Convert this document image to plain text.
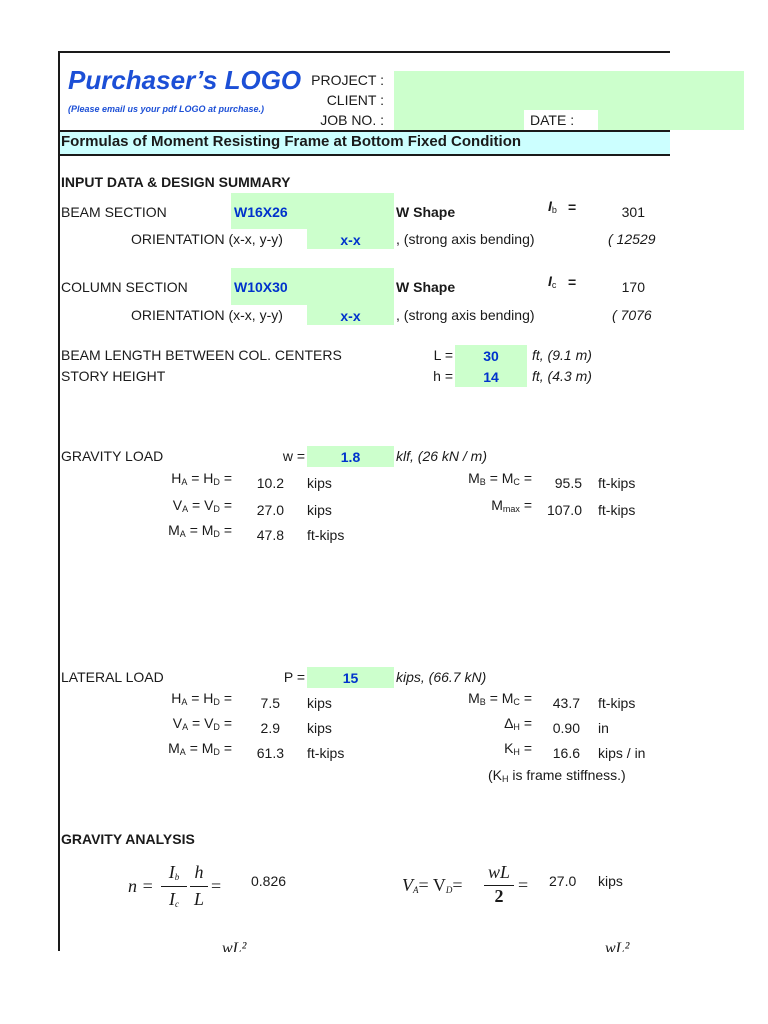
Purchaser’s LOGO
(Please email us your pdf LOGO at purchase.)
PROJECT :
CLIENT :
JOB NO. :	DATE :
Formulas of Moment Resisting Frame at Bottom Fixed Condition
INPUT DATA & DESIGN SUMMARY
BEAM SECTION	W16X26	W Shape	$I_b$ =	301
ORIENTATION (x-x, y-y)	x-x	, (strong axis bending)	( 12529
COLUMN SECTION	W10X30	W Shape	$I_c$ =	170
ORIENTATION (x-x, y-y)	x-x	, (strong axis bending)	( 7076
BEAM LENGTH BETWEEN COL. CENTERS	L =	30	ft, (9.1 m)
STORY HEIGHT	h =	14	ft, (4.3 m)
GRAVITY LOAD	w =	1.8	klf, (26 kN / m)
$H_A = H_D$ =	10.2 kips
$V_A = V_D$ =	27.0 kips
$M_A = M_D$ =	47.8 ft-kips
$M_B = M_C$ =	95.5 ft-kips
$M_{max}$ =	107.0 ft-kips
LATERAL LOAD	P =	15	kips, (66.7 kN)
$H_A = H_D$ =	7.5 kips
$V_A = V_D$ =	2.9 kips
$M_A = M_D$ =	61.3 ft-kips
$M_B = M_C$ =	43.7 ft-kips
$\Delta_H$ =	0.90 in
$K_H$ =	16.6 kips / in
($K_H$ is frame stiffness.)
GRAVITY ANALYSIS
n =
$I_b$
$I_c$
h
L
= 0.826	$V_A= V_D=$
wL
2
= 27.0 kips
wL²	wL²
